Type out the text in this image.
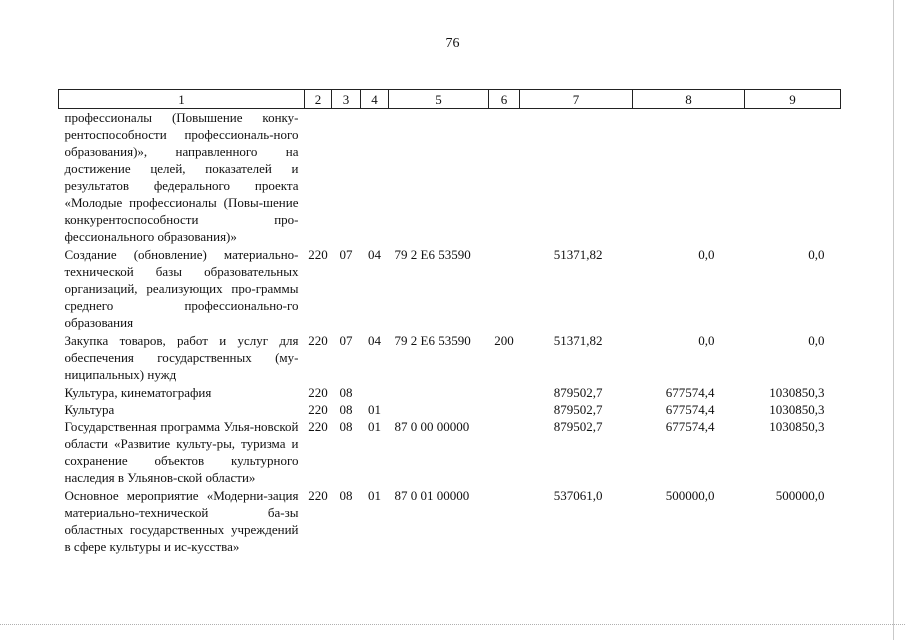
76
1	2	3	4	5	6	7	8	9
профессионалы (Повышение конку-рентоспособности профессиональ-ного образования)», направленного на достижение целей, показателей и результатов федерального проекта «Молодые профессионалы (Повы-шение конкурентоспособности про-фессионального образования)»								
Создание (обновление) материально-технической базы образовательных организаций, реализующих про-граммы среднего профессионально-го образования	220	07	04	79 2 E6 53590		51371,82	0,0	0,0
Закупка товаров, работ и услуг для обеспечения государственных (му-ниципальных) нужд	220	07	04	79 2 E6 53590	200	51371,82	0,0	0,0
Культура, кинематография	220	08				879502,7	677574,4	1030850,3
Культура	220	08	01			879502,7	677574,4	1030850,3
Государственная программа Улья-новской области «Развитие культу-ры, туризма и сохранение объектов культурного наследия в Ульянов-ской области»	220	08	01	87 0 00 00000		879502,7	677574,4	1030850,3
Основное мероприятие «Модерни-зация материально-технической ба-зы областных государственных учреждений в сфере культуры и ис-кусства»	220	08	01	87 0 01 00000		537061,0	500000,0	500000,0
